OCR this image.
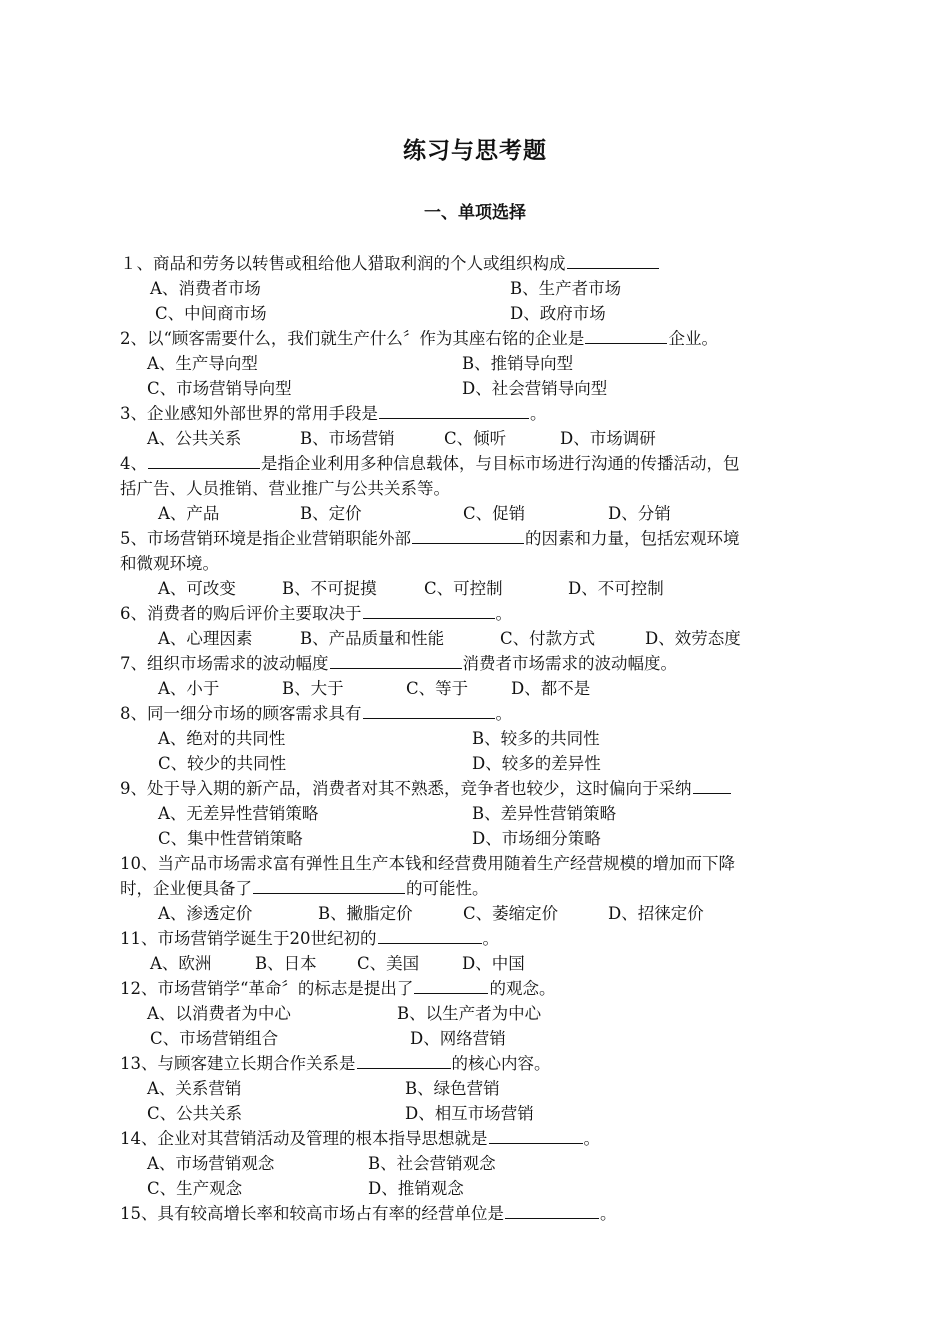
练习与思考题
一、单项选择
１、商品和劳务以转售或租给他人猎取利润的个人或组织构成
A、消费者市场	B、生产者市场
C、中间商市场	D、政府市场
2、以“顾客需要什么，我们就生产什么〞作为其座右铭的企业是	企业。
A、生产导向型	B、推销导向型
C、市场营销导向型	D、社会营销导向型
3、企业感知外部世界的常用手段是	。
A、公共关系	B、市场营销	C、倾听	D、市场调研
4、	是指企业利用多种信息载体，与目标市场进行沟通的传播活动，包
括广告、人员推销、营业推广与公共关系等。
A、产品	B、定价	C、促销	D、分销
5、市场营销环境是指企业营销职能外部	的因素和力量，包括宏观环境
和微观环境。
A、可改变	B、不可捉摸	C、可控制	D、不可控制
6、消费者的购后评价主要取决于	。
A、心理因素	B、产品质量和性能	C、付款方式	D、效劳态度
7、组织市场需求的波动幅度	消费者市场需求的波动幅度。
A、小于	B、大于	C、等于	D、都不是
8、同一细分市场的顾客需求具有	。
A、绝对的共同性	B、较多的共同性
C、较少的共同性	D、较多的差异性
9、处于导入期的新产品，消费者对其不熟悉，竞争者也较少，这时偏向于采纳
A、无差异性营销策略	B、差异性营销策略
C、集中性营销策略	D、市场细分策略
10、当产品市场需求富有弹性且生产本钱和经营费用随着生产经营规模的增加而下降
时，企业便具备了	的可能性。
A、渗透定价	B、撇脂定价	C、萎缩定价	D、招徕定价
11、市场营销学诞生于20世纪初的	。
A、欧洲	B、日本 C、美国	D、中国
12、市场营销学“革命〞的标志是提出了	的观念。
A、以消费者为中心	B、以生产者为中心
C、市场营销组合	D、网络营销
13、与顾客建立长期合作关系是	的核心内容。
A、关系营销	B、绿色营销
C、公共关系	D、相互市场营销
14、企业对其营销活动及管理的根本指导思想就是	。
A、市场营销观念	B、社会营销观念
C、生产观念	D、推销观念
15、具有较高增长率和较高市场占有率的经营单位是	。
